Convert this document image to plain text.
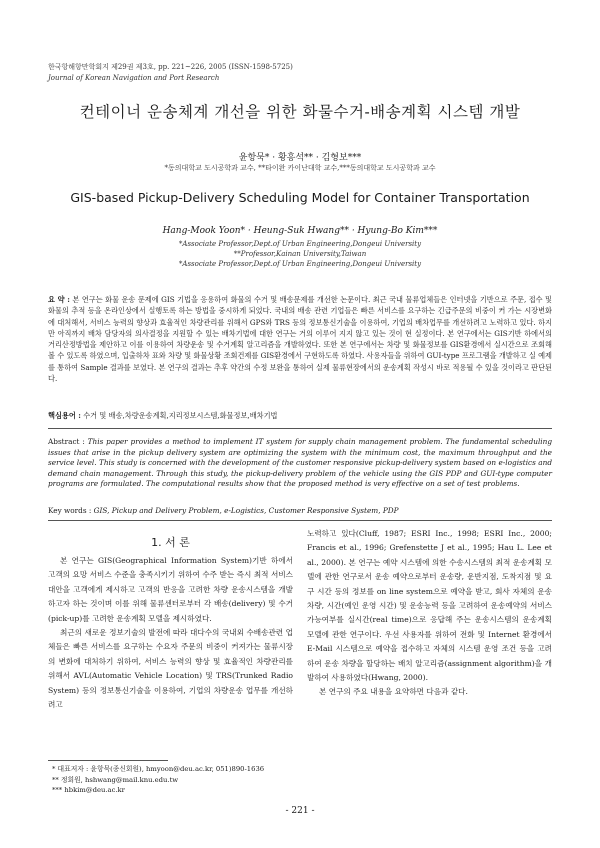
한국항해항만학회지 제29권 제3호, pp. 221~226, 2005 (ISSN-1598-5725)
Journal of Korean Navigation and Port Research
컨테이너 운송체계 개선을 위한 화물수거-배송계획 시스템 개발
윤항묵* · 황흥석** · 김형보***
*동의대학교 도시공학과 교수, **타이완 카이난대학 교수,***동의대학교 도시공학과 교수
GIS-based Pickup-Delivery Scheduling Model for Container Transportation
Hang-Mook Yoon* · Heung-Suk Hwang** · Hyung-Bo Kim***
*Associate Professor,Dept.of Urban Engineering,Dongeui University
**Professor,Kainan University,Taiwan
*Associate Professor,Dept.of Urban Engineering,Dongeui University
요 약 : 본 연구는 화물 운송 문제에 GIS 기법을 응용하여 화물의 수거 및 배송문제를 개선한 논문이다. 최근 국내 물류업체들은 인터넷을 기반으로 주문, 접수 및 화물의 추적 등을 온라인상에서 실행토록 하는 방법을 중시하게 되었다. 국내의 배송 관련 기업들은 빠른 서비스를 요구하는 긴급주문의 비중이 커 가는 시장변화에 대처해서, 서비스 능력의 향상과 효율적인 차량관리를 위해서 GPS와 TRS 등의 정보통신기술을 이용하여, 기업의 배차업무를 개선하려고 노력하고 있다. 하지만 아직까지 배차 담당자의 의사결정을 지원할 수 있는 배차기법에 대한 연구는 거의 이루어 지지 않고 있는 것이 현 실정이다. 본 연구에서는 GIS기반 하에서의 거리산정방법을 제안하고 이를 이용하여 차량운송 및 수거계획 알고리즘을 개발하였다. 또한 본 연구에서는 차량 및 화물정보를 GIS환경에서 실시간으로 조회해 볼 수 있도록 하였으며, 입출하차 표와 차량 및 화물상황 조회건제를 GIS환경에서 구현하도록 하였다. 사용자들을 위하여 GUI-type 프로그램을 개발하고 실 예제를 통하여 Sample 결과를 보였다. 본 연구의 결과는 추후 약간의 수정 보완을 통하여 실제 물류현장에서의 운송계획 작성시 바로 적용될 수 있을 것이라고 판단된다.
핵심용어 : 수거 및 배송,차량운송계획,지리정보시스템,화물정보,배차기법
Abstract : This paper provides a method to implement IT system for supply chain management problem. The fundamental scheduling issues that arise in the pickup delivery system are optimizing the system with the minimum cost, the maximum throughput and the service level. This study is concerned with the development of the customer responsive pickup-delivery system based on e-logistics and demand chain management. Through this study, the pickup-delivery problem of the vehicle using the GIS PDP and GUI-type computer programs are formulated. The computational results show that the proposed method is very effective on a set of test problems.
Key words : GIS, Pickup and Delivery Problem, e-Logistics, Customer Responsive System, PDP
1. 서 론

본 연구는 GIS(Geographical Information System)기반 하에서 고객의 요망 서비스 수준을 충족시키기 위하여 수주 받는 즉시 최적 서비스 대안을 고객에게 제시하고 고객의 반응을 고려한 차량 운송시스템을 개발하고자 하는 것이며 이를 위해 물류센터로부터 각 배송(delivery) 및 수거(pick-up)를 고려한 운송계획 모델을 제시하였다.

최근의 새로운 정보기술의 발전에 따라 대다수의 국내외 수배송관련 업체들은 빠른 서비스를 요구하는 수요자 주문의 비중이 커져가는 물류시장의 변화에 대처하기 위하여, 서비스 능력의 향상 및 효율적인 차량관리를 위해서 AVL(Automatic Vehicle Location) 및 TRS(Trunked Radio System) 등의 정보통신기술을 이용하여, 기업의 차량운송 업무를 개선하려고

노력하고 있다(Cluff, 1987; ESRI Inc., 1998; ESRI Inc., 2000; Francis et al., 1996; Grefenstette J et al., 1995; Hau L. Lee et al., 2000). 본 연구는 예약 시스템에 의한 수송시스템의 최적 운송계획 모델에 관한 연구로서 운송 예약으로부터 운송량, 운반지점, 도착지점 및 요구 시간 등의 정보를 on line system으로 예약을 받고, 회사 자체의 운송차량, 시간(예인 운영 시간) 및 운송능력 등을 고려하여 운송예약의 서비스 가능여부를 실시간(real time)으로 응답해 주는 운송시스템의 운송계획 모델에 관한 연구이다. 우선 사용자를 위하여 전화 및 Internet 환경에서 E-Mail 시스템으로 예약을 접수하고 자체의 시스템 운영 조건 등을 고려하여 운송 차량을 할당하는 배치 알고리즘(assignment algorithm)을 개발하여 사용하였다(Hwang, 2000).

본 연구의 주요 내용을 요약하면 다음과 같다.

* 대표저자 : 윤항묵(종신회원), hmyoon@deu.ac.kr, 051)890-1636
** 정회원, hshwang@mail.knu.edu.tw
*** hbkim@deu.ac.kr
- 221 -
